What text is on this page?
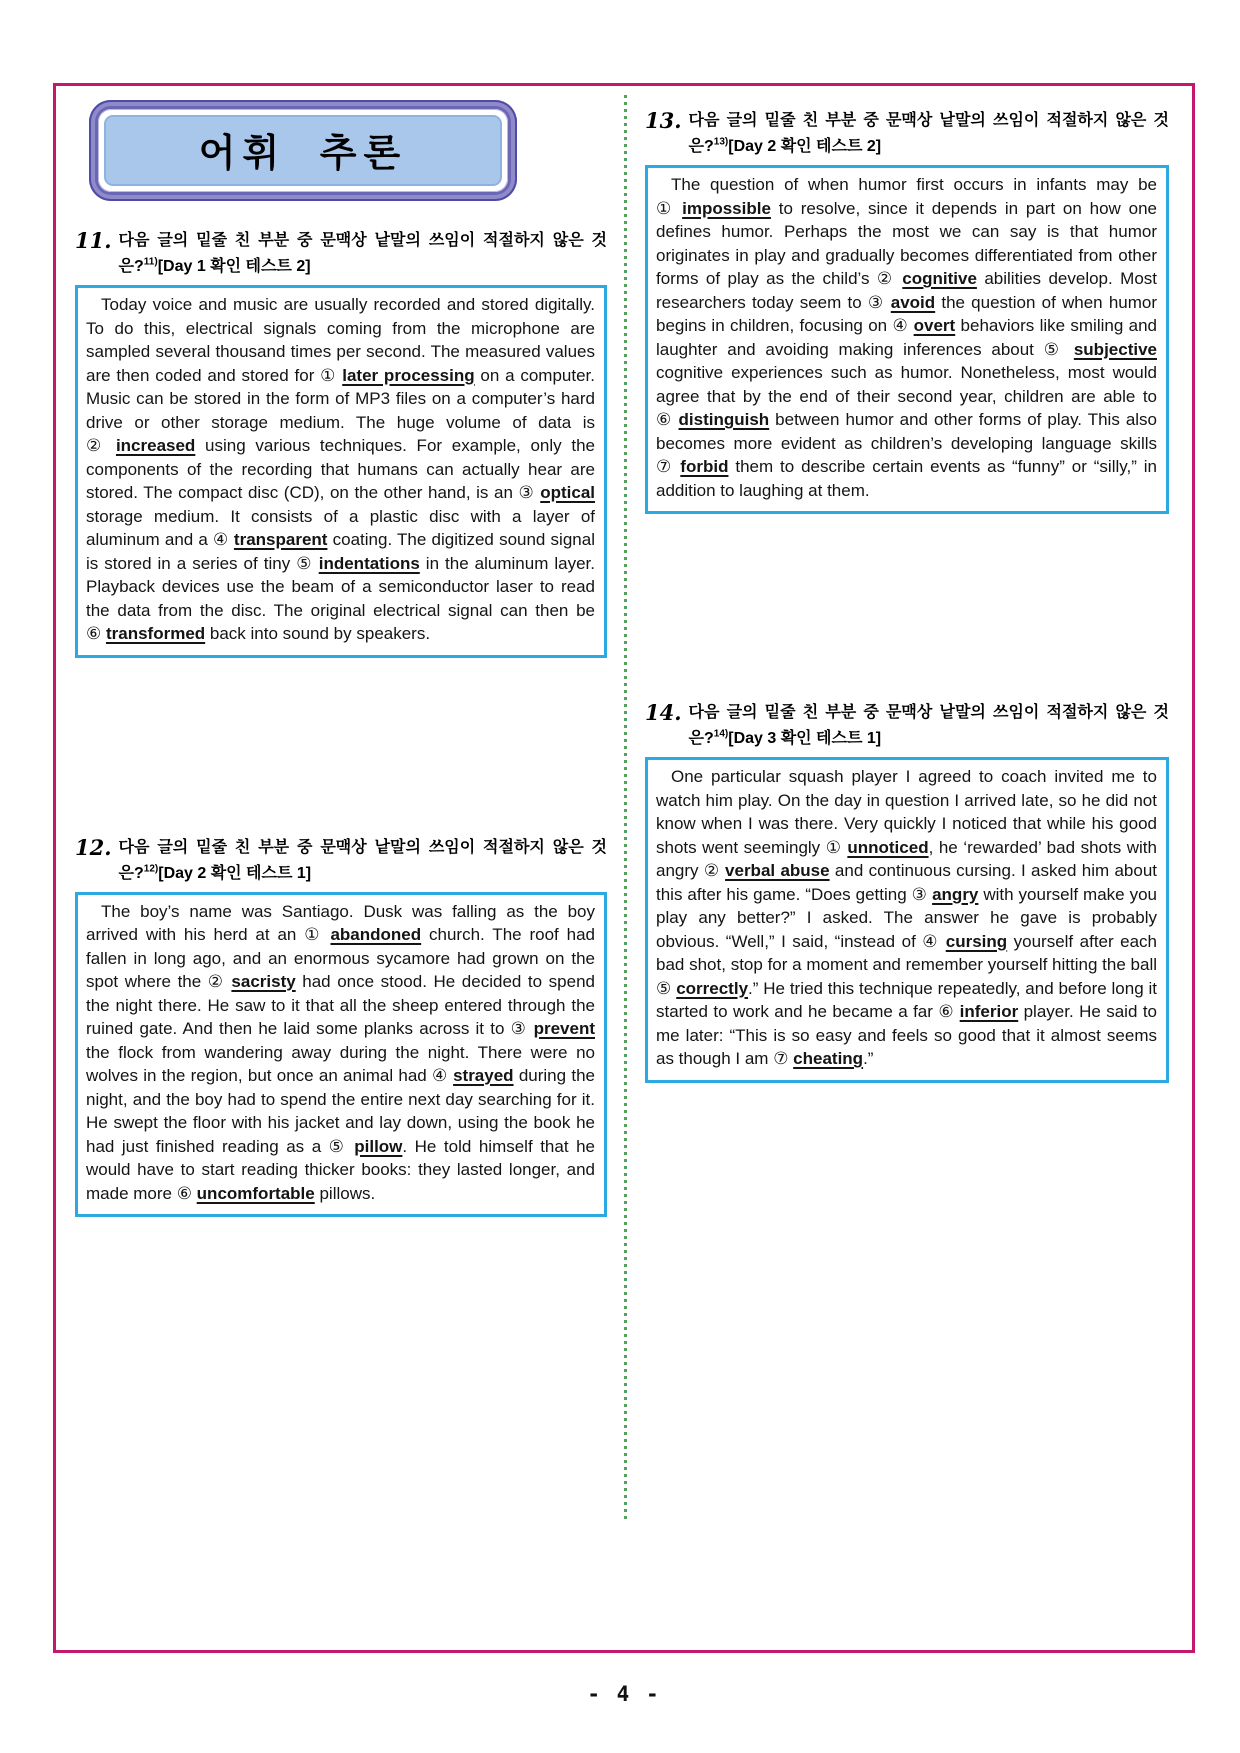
어휘 추론
11. 다음 글의 밑줄 친 부분 중 문맥상 낱말의 쓰임이 적절하지 않은 것
은?$^{11)}$[Day 1 확인 테스트 2]
Today voice and music are usually recorded and stored digitally. To do this, electrical signals coming from the microphone are sampled several thousand times per second. The measured values are then coded and stored for ① later processing on a computer. Music can be stored in the form of MP3 files on a computer’s hard drive or other storage medium. The huge volume of data is ② increased using various techniques. For example, only the components of the recording that humans can actually hear are stored. The compact disc (CD), on the other hand, is an ③ optical storage medium. It consists of a plastic disc with a layer of aluminum and a ④ transparent coating. The digitized sound signal is stored in a series of tiny ⑤ indentations in the aluminum layer. Playback devices use the beam of a semiconductor laser to read the data from the disc. The original electrical signal can then be ⑥ transformed back into sound by speakers.
12. 다음 글의 밑줄 친 부분 중 문맥상 낱말의 쓰임이 적절하지 않은 것
은?$^{12)}$[Day 2 확인 테스트 1]
The boy’s name was Santiago. Dusk was falling as the boy arrived with his herd at an ① abandoned church. The roof had fallen in long ago, and an enormous sycamore had grown on the spot where the ② sacristy had once stood. He decided to spend the night there. He saw to it that all the sheep entered through the ruined gate. And then he laid some planks across it to ③ prevent the flock from wandering away during the night. There were no wolves in the region, but once an animal had ④ strayed during the night, and the boy had to spend the entire next day searching for it. He swept the floor with his jacket and lay down, using the book he had just finished reading as a ⑤ pillow. He told himself that he would have to start reading thicker books: they lasted longer, and made more ⑥ uncomfortable pillows.
13. 다음 글의 밑줄 친 부분 중 문맥상 낱말의 쓰임이 적절하지 않은 것
은?$^{13)}$[Day 2 확인 테스트 2]
The question of when humor first occurs in infants may be ① impossible to resolve, since it depends in part on how one defines humor. Perhaps the most we can say is that humor originates in play and gradually becomes differentiated from other forms of play as the child’s ② cognitive abilities develop. Most researchers today seem to ③ avoid the question of when humor begins in children, focusing on ④ overt behaviors like smiling and laughter and avoiding making inferences about ⑤ subjective cognitive experiences such as humor. Nonetheless, most would agree that by the end of their second year, children are able to ⑥ distinguish between humor and other forms of play. This also becomes more evident as children’s developing language skills ⑦ forbid them to describe certain events as “funny” or “silly,” in addition to laughing at them.
14. 다음 글의 밑줄 친 부분 중 문맥상 낱말의 쓰임이 적절하지 않은 것
은?$^{14)}$[Day 3 확인 테스트 1]
One particular squash player I agreed to coach invited me to watch him play. On the day in question I arrived late, so he did not know when I was there. Very quickly I noticed that while his good shots went seemingly ① unnoticed, he ‘rewarded’ bad shots with angry ② verbal abuse and continuous cursing. I asked him about this after his game. “Does getting ③ angry with yourself make you play any better?” I asked. The answer he gave is probably obvious. “Well,” I said, “instead of ④ cursing yourself after each bad shot, stop for a moment and remember yourself hitting the ball ⑤ correctly.” He tried this technique repeatedly, and before long it started to work and he became a far ⑥ inferior player. He said to me later: “This is so easy and feels so good that it almost seems as though I am ⑦ cheating.”
- 4 -
